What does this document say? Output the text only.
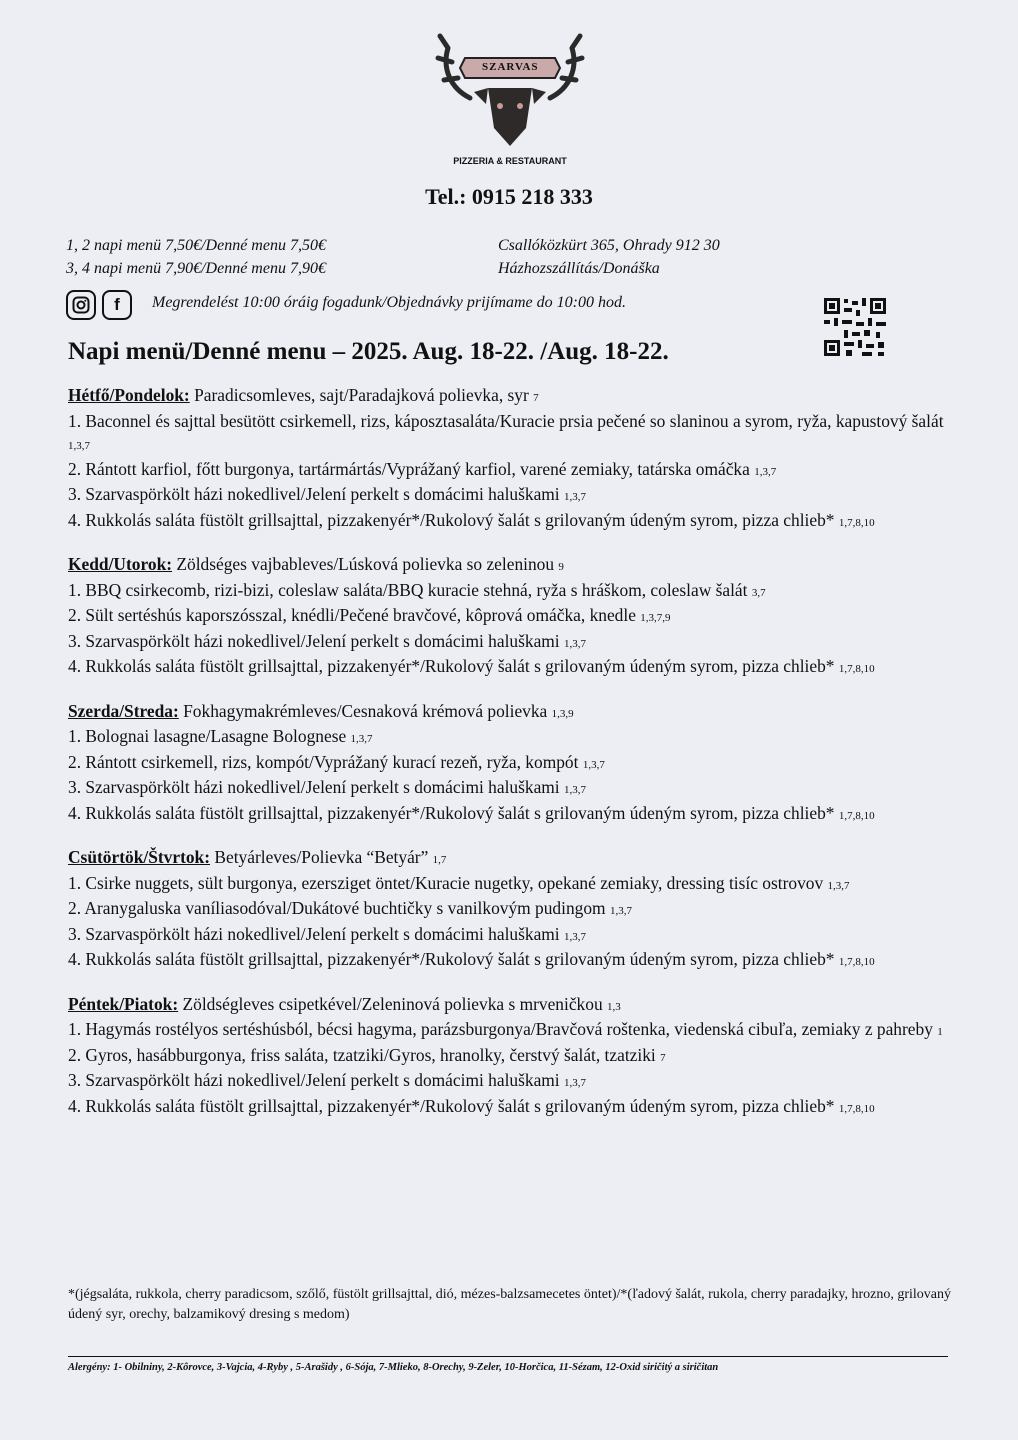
SZARVAS
PIZZERIA & RESTAURANT
Tel.: 0915 218 333
1, 2 napi menü 7,50€/Denné menu 7,50€
3, 4 napi menü 7,90€/Denné menu 7,90€
Csallóközkürt 365, Ohrady 912 30
Házhozszállítás/Donáška
f	Megrendelést 10:00 óráig fogadunk/Objednávky prijímame do 10:00 hod.
Napi menü/Denné menu – 2025. Aug. 18-22. /Aug. 18-22.
Hétfő/Pondelok: Paradicsomleves, sajt/Paradajková polievka, syr 7
1. Baconnel és sajttal besütött csirkemell, rizs, káposztasaláta/Kuracie prsia pečené so slaninou a syrom, ryža, kapustový šalát 1,3,7
2. Rántott karfiol, főtt burgonya, tartármártás/Vyprážaný karfiol, varené zemiaky, tatárska omáčka 1,3,7
3. Szarvaspörkölt házi nokedlivel/Jelení perkelt s domácimi haluškami 1,3,7
4. Rukkolás saláta füstölt grillsajttal, pizzakenyér*/Rukolový šalát s grilovaným údeným syrom, pizza chlieb* 1,7,8,10
Kedd/Utorok: Zöldséges vajbableves/Lúsková polievka so zeleninou 9
1. BBQ csirkecomb, rizi-bizi, coleslaw saláta/BBQ kuracie stehná, ryža s hráškom, coleslaw šalát 3,7
2. Sült sertéshús kaporszósszal, knédli/Pečené bravčové, kôprová omáčka, knedle 1,3,7,9
3. Szarvaspörkölt házi nokedlivel/Jelení perkelt s domácimi haluškami 1,3,7
4. Rukkolás saláta füstölt grillsajttal, pizzakenyér*/Rukolový šalát s grilovaným údeným syrom, pizza chlieb* 1,7,8,10
Szerda/Streda: Fokhagymakrémleves/Cesnaková krémová polievka 1,3,9
1. Bolognai lasagne/Lasagne Bolognese 1,3,7
2. Rántott csirkemell, rizs, kompót/Vyprážaný kurací rezeň, ryža, kompót 1,3,7
3. Szarvaspörkölt házi nokedlivel/Jelení perkelt s domácimi haluškami 1,3,7
4. Rukkolás saláta füstölt grillsajttal, pizzakenyér*/Rukolový šalát s grilovaným údeným syrom, pizza chlieb* 1,7,8,10
Csütörtök/Štvrtok: Betyárleves/Polievka “Betyár” 1,7
1. Csirke nuggets, sült burgonya, ezersziget öntet/Kuracie nugetky, opekané zemiaky, dressing tisíc ostrovov 1,3,7
2. Aranygaluska vaníliasodóval/Dukátové buchtičky s vanilkovým pudingom 1,3,7
3. Szarvaspörkölt házi nokedlivel/Jelení perkelt s domácimi haluškami 1,3,7
4. Rukkolás saláta füstölt grillsajttal, pizzakenyér*/Rukolový šalát s grilovaným údeným syrom, pizza chlieb* 1,7,8,10
Péntek/Piatok: Zöldségleves csipetkével/Zeleninová polievka s mrveničkou 1,3
1. Hagymás rostélyos sertéshúsból, bécsi hagyma, parázsburgonya/Bravčová roštenka, viedenská cibuľa, zemiaky z pahreby 1
2. Gyros, hasábburgonya, friss saláta, tzatziki/Gyros, hranolky, čerstvý šalát, tzatziki 7
3. Szarvaspörkölt házi nokedlivel/Jelení perkelt s domácimi haluškami 1,3,7
4. Rukkolás saláta füstölt grillsajttal, pizzakenyér*/Rukolový šalát s grilovaným údeným syrom, pizza chlieb* 1,7,8,10
*(jégsaláta, rukkola, cherry paradicsom, szőlő, füstölt grillsajttal, dió, mézes-balzsamecetes öntet)/*(ľadový šalát, rukola, cherry paradajky, hrozno, grilovaný údený syr, orechy, balzamikový dresing s medom)
Alergény: 1- Obilniny, 2-Kôrovce, 3-Vajcia, 4-Ryby , 5-Arašidy , 6-Sója, 7-Mlieko, 8-Orechy, 9-Zeler, 10-Horčica, 11-Sézam, 12-Oxid siričitý a siričitan
